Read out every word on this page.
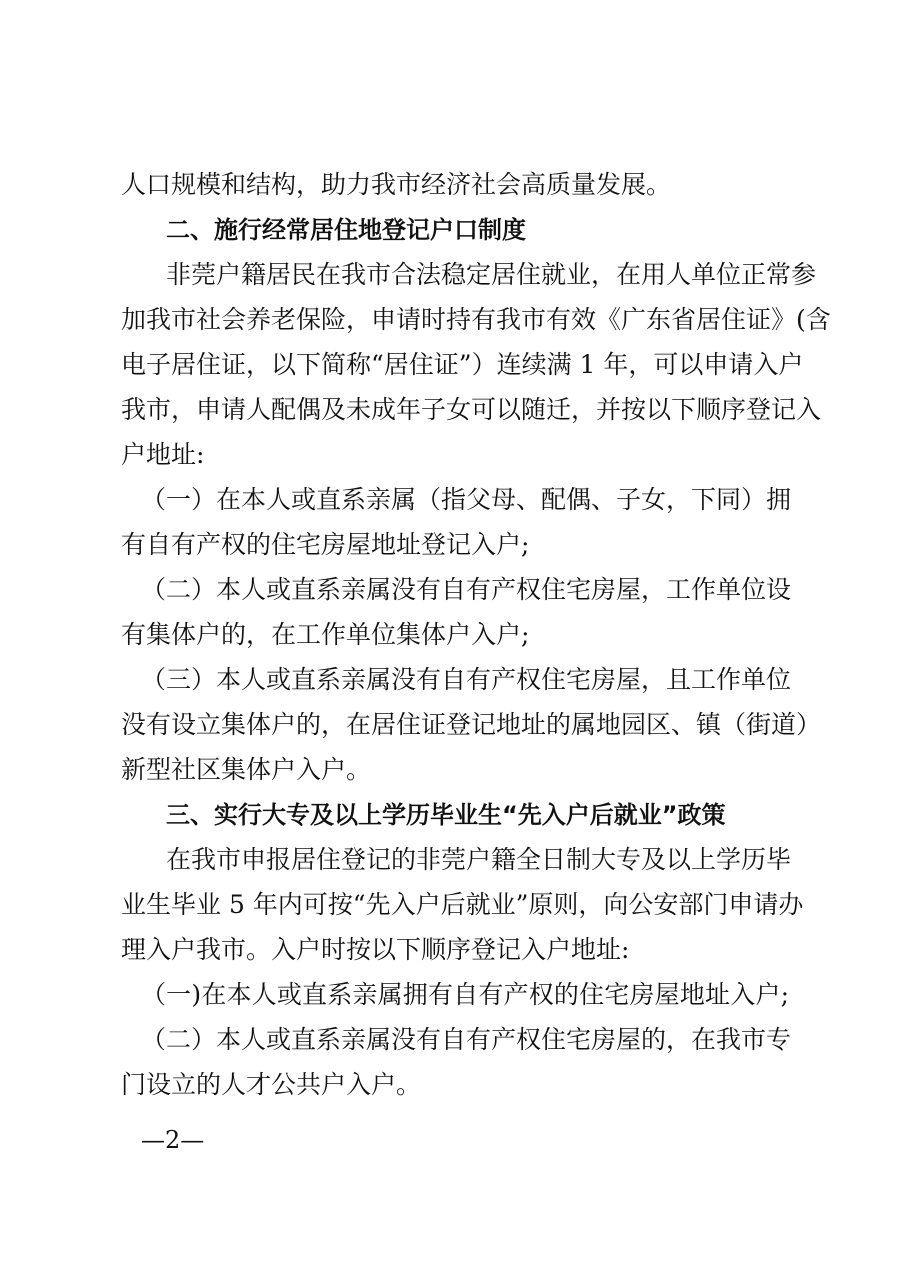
人口规模和结构，助力我市经济社会高质量发展。
二、施行经常居住地登记户口制度
非莞户籍居民在我市合法稳定居住就业，在用人单位正常参
加我市社会养老保险，申请时持有我市有效《广东省居住证》(含
电子居住证，以下简称“居住证”）连续满 1 年，可以申请入户
我市，申请人配偶及未成年子女可以随迁，并按以下顺序登记入
户地址:
（一）在本人或直系亲属（指父母、配偶、子女，下同）拥
有自有产权的住宅房屋地址登记入户;
（二）本人或直系亲属没有自有产权住宅房屋，工作单位设
有集体户的，在工作单位集体户入户;
（三）本人或直系亲属没有自有产权住宅房屋，且工作单位
没有设立集体户的，在居住证登记地址的属地园区、镇（街道）
新型社区集体户入户。
三、实行大专及以上学历毕业生“先入户后就业”政策
在我市申报居住登记的非莞户籍全日制大专及以上学历毕
业生毕业 5 年内可按“先入户后就业”原则，向公安部门申请办
理入户我市。入户时按以下顺序登记入户地址:
（一)在本人或直系亲属拥有自有产权的住宅房屋地址入户;
（二）本人或直系亲属没有自有产权住宅房屋的，在我市专
门设立的人才公共户入户。
—2—
